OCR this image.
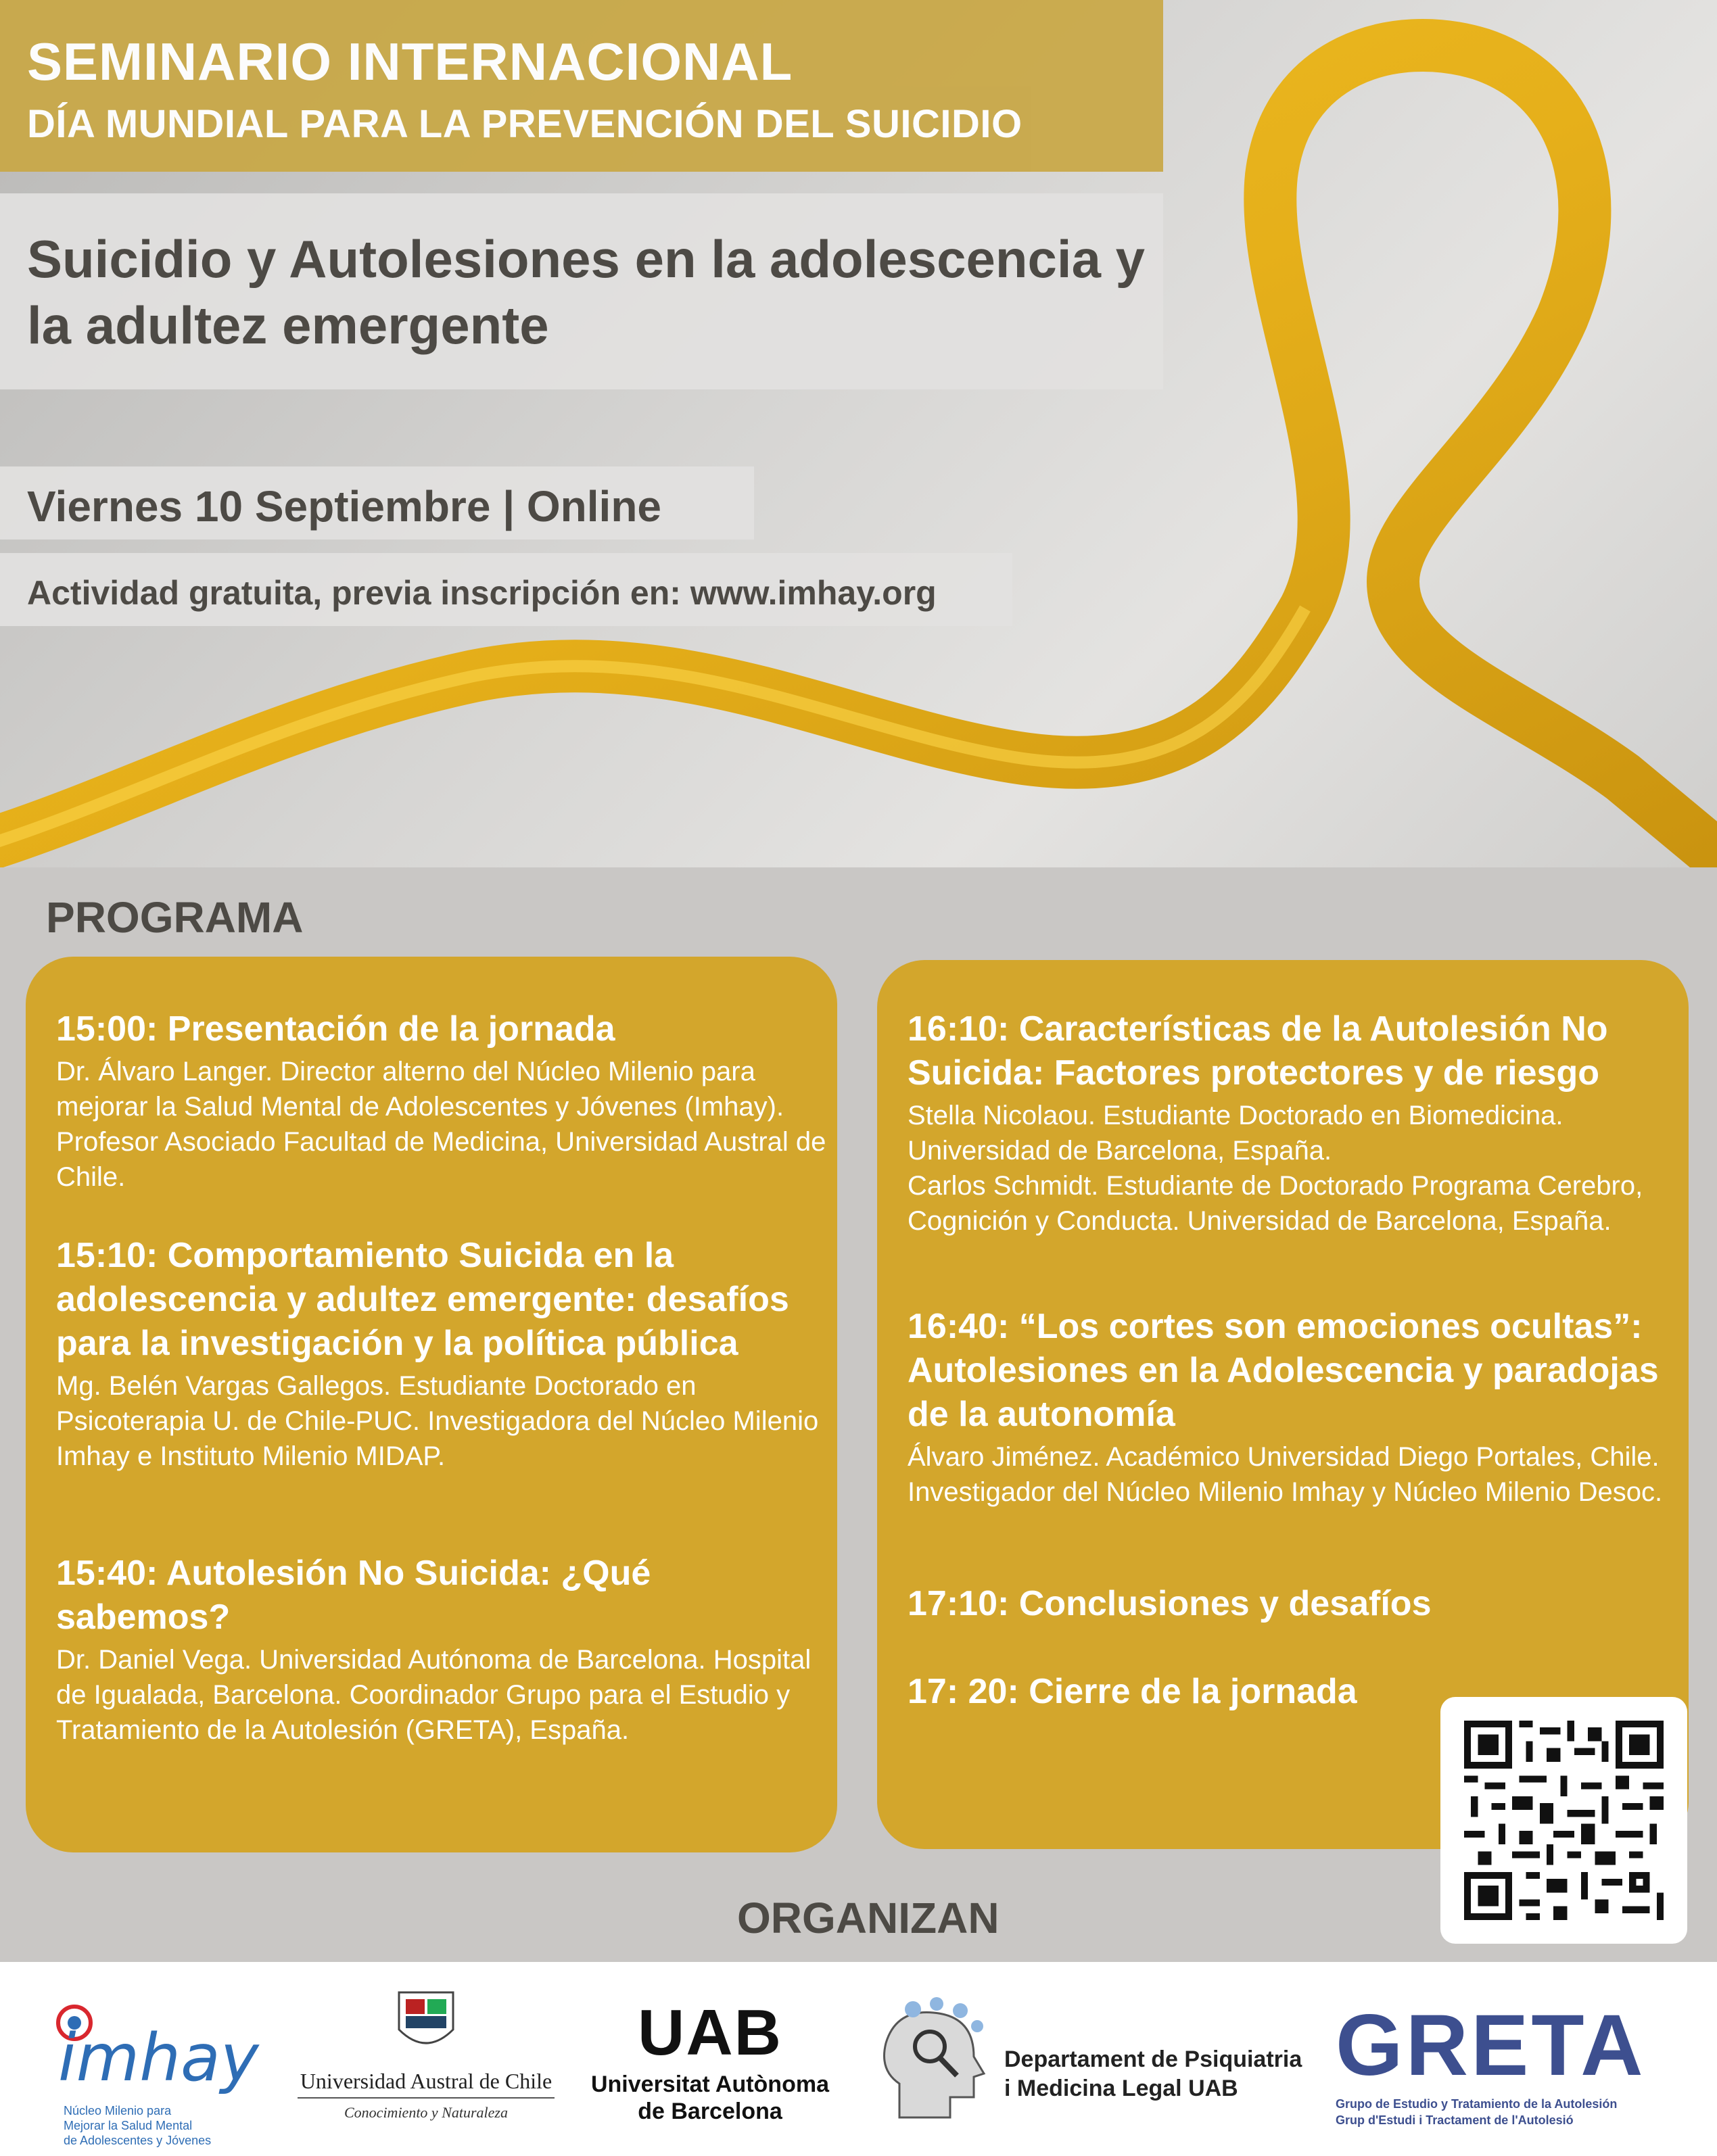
SEMINARIO INTERNACIONAL
DÍA MUNDIAL PARA LA PREVENCIÓN DEL SUICIDIO
Suicidio y Autolesiones en la adolescencia y la adultez emergente
Viernes 10 Septiembre | Online
Actividad gratuita, previa inscripción en: www.imhay.org
PROGRAMA
15:00: Presentación de la jornada
Dr. Álvaro Langer. Director alterno del Núcleo Milenio para mejorar la Salud Mental de Adolescentes y Jóvenes (Imhay). Profesor Asociado Facultad de Medicina, Universidad Austral de Chile.
15:10: Comportamiento Suicida en la adolescencia y adultez emergente: desafíos para la investigación y la política pública
Mg. Belén Vargas Gallegos. Estudiante Doctorado en Psicoterapia U. de Chile-PUC. Investigadora del Núcleo Milenio Imhay e Instituto Milenio MIDAP.
15:40: Autolesión No Suicida: ¿Qué sabemos?
Dr. Daniel Vega. Universidad Autónoma de Barcelona. Hospital de Igualada, Barcelona. Coordinador Grupo para el Estudio y Tratamiento de la Autolesión (GRETA), España.
16:10: Características de la Autolesión No Suicida: Factores protectores y de riesgo
Stella Nicolaou. Estudiante Doctorado en Biomedicina. Universidad de Barcelona, España.
Carlos Schmidt. Estudiante de Doctorado Programa Cerebro, Cognición y Conducta. Universidad de Barcelona, España.
16:40: “Los cortes son emociones ocultas”: Autolesiones en la Adolescencia y paradojas de la autonomía
Álvaro Jiménez. Académico Universidad Diego Portales, Chile. Investigador del Núcleo Milenio Imhay y Núcleo Milenio Desoc.
17:10: Conclusiones y desafíos
17: 20: Cierre de la jornada
ORGANIZAN
imhay
Núcleo Milenio para
Mejorar la Salud Mental
de Adolescentes y Jóvenes
Universidad Austral de Chile
Conocimiento y Naturaleza
UAB
Universitat Autònoma
de Barcelona
Departament de Psiquiatria
i Medicina Legal UAB GRETA
Grupo de Estudio y Tratamiento de la Autolesión
Grup d'Estudi i Tractament de l'Autolesió
